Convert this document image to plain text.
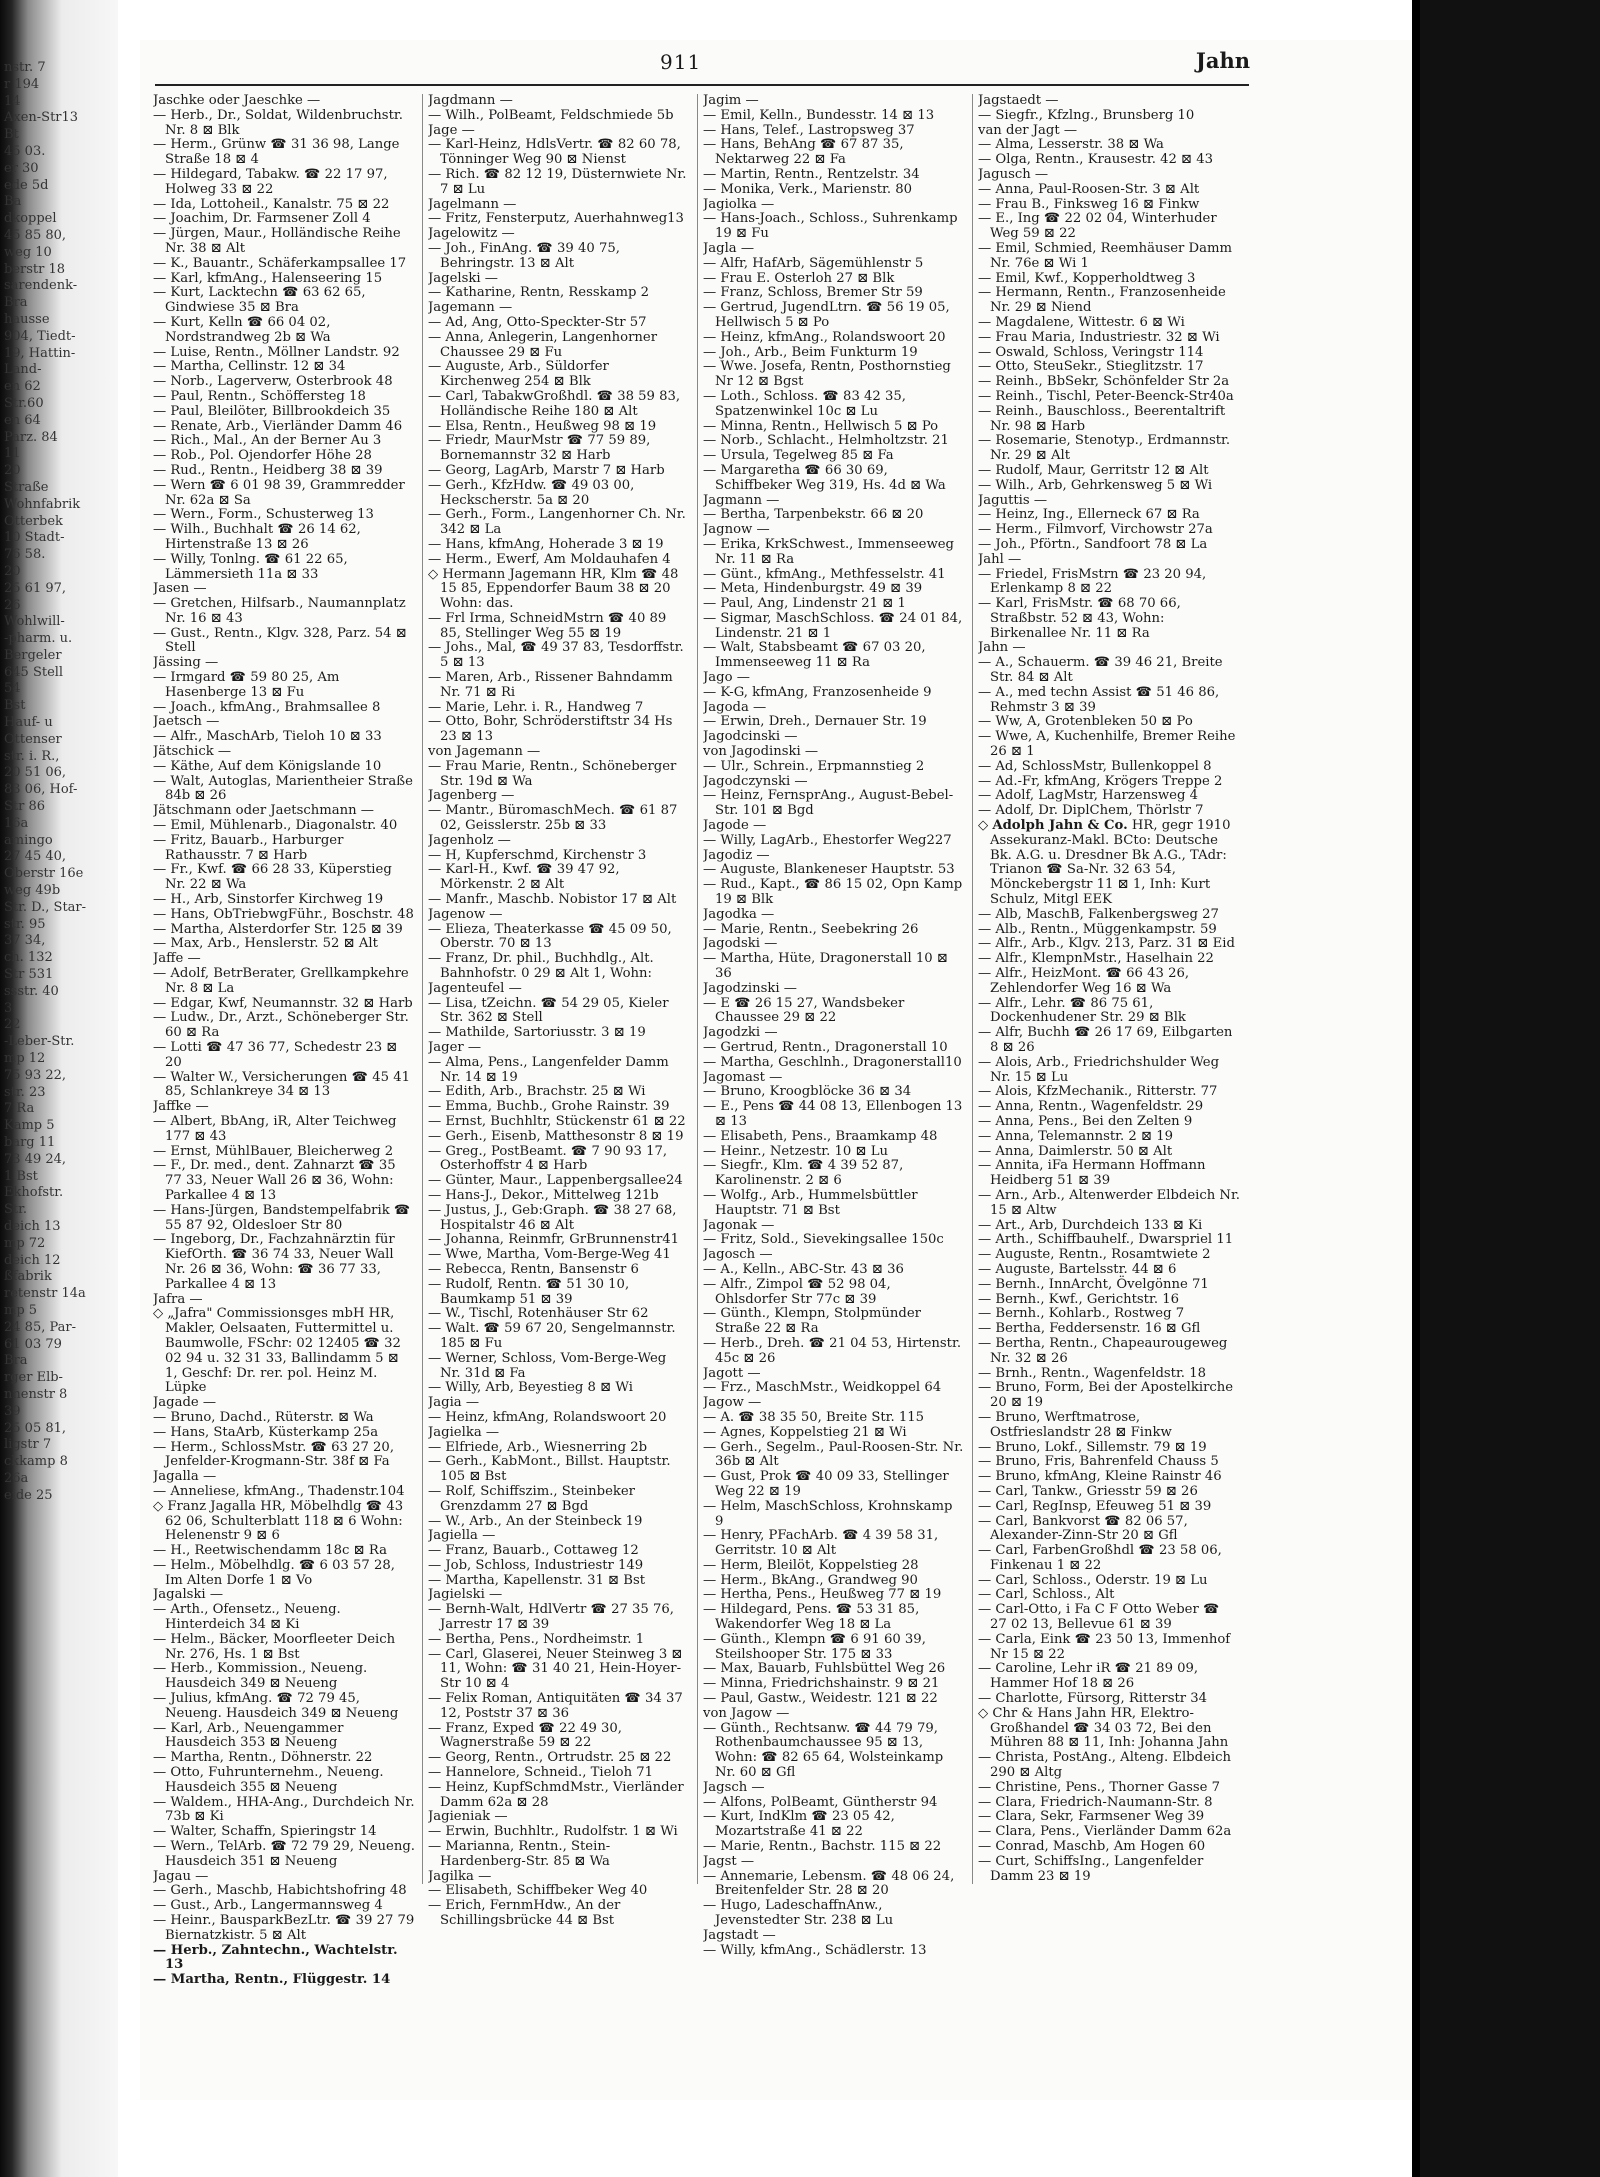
nstr. 7
r 194
14
Axen-Str13
Bt
45 03.
er 30
ede 5d
Ba
dkoppel
45 85 80,
weg 10
berstr 18
sarendenk-
Bra
hausse
904, Tiedt-
19, Hattin-
Land-
en 62
Str.60
en 64
Parz. 84
11
20
Straße
Wohnfabrik
Otterbek
10 Stadt-
76 58.
20
25 61 97,
26
Wohlwill-
-pharm. u.
Bergeler
645 Stell
54
Bst
Hauf- u
Ottenser
str. i. R.,
20 51 06,
83 06, Hof-
Str 86
16a
amingo
27 45 40,
Oberstr 16e
weg 49b
Str. D., Star-
str. 95
37 34,
ch. 132
Str 531
ssstr. 40
3
22
-Leber-Str.
mp 12
75 93 22,
str. 23
7 Ra
Kamp 5
barg 11
73 49 24,
1 Bst
Ekhofstr.
Str.
deich 13
mp 72
deich 12
ßfabrik
retenstr 14a
mp 5
24 85, Par-
61 03 79
Bra
rger Elb-
nnenstr 8
39
25 05 81,
ligstr 7
ckkamp 8
26a
eide 25
911	Jahn
Jaschke oder Jaeschke —
— Herb., Dr., Soldat, Wildenbruchstr. Nr. 8 ⊠ Blk
— Herm., Grünw ☎ 31 36 98, Lange Straße 18 ⊠ 4
— Hildegard, Tabakw. ☎ 22 17 97, Holweg 33 ⊠ 22
— Ida, Lottoheil., Kanalstr. 75 ⊠ 22
— Joachim, Dr. Farmsener Zoll 4
— Jürgen, Maur., Holländische Reihe Nr. 38 ⊠ Alt
— K., Bauantr., Schäferkampsallee 17
— Karl, kfmAng., Halenseering 15
— Kurt, Lacktechn ☎ 63 62 65, Gindwiese 35 ⊠ Bra
— Kurt, Kelln ☎ 66 04 02, Nordstrandweg 2b ⊠ Wa
— Luise, Rentn., Möllner Landstr. 92
— Martha, Cellinstr. 12 ⊠ 34
— Norb., Lagerverw, Osterbrook 48
— Paul, Rentn., Schöffersteg 18
— Paul, Bleilöter, Billbrookdeich 35
— Renate, Arb., Vierländer Damm 46
— Rich., Mal., An der Berner Au 3
— Rob., Pol. Ojendorfer Höhe 28
— Rud., Rentn., Heidberg 38 ⊠ 39
— Wern ☎ 6 01 98 39, Grammredder Nr. 62a ⊠ Sa
— Wern., Form., Schusterweg 13
— Wilh., Buchhalt ☎ 26 14 62, Hirtenstraße 13 ⊠ 26
— Willy, Tonlng. ☎ 61 22 65, Lämmersieth 11a ⊠ 33
Jasen —
— Gretchen, Hilfsarb., Naumannplatz Nr. 16 ⊠ 43
— Gust., Rentn., Klgv. 328, Parz. 54 ⊠ Stell
Jässing —
— Irmgard ☎ 59 80 25, Am Hasenberge 13 ⊠ Fu
— Joach., kfmAng., Brahmsallee 8
Jaetsch —
— Alfr., MaschArb, Tieloh 10 ⊠ 33
Jätschick —
— Käthe, Auf dem Königslande 10
— Walt, Autoglas, Marientheier Straße 84b ⊠ 26
Jätschmann oder Jaetschmann —
— Emil, Mühlenarb., Diagonalstr. 40
— Fritz, Bauarb., Harburger Rathausstr. 7 ⊠ Harb
— Fr., Kwf. ☎ 66 28 33, Küperstieg Nr. 22 ⊠ Wa
— H., Arb, Sinstorfer Kirchweg 19
— Hans, ObTriebwgFühr., Boschstr. 48
— Martha, Alsterdorfer Str. 125 ⊠ 39
— Max, Arb., Henslerstr. 52 ⊠ Alt
Jaffe —
— Adolf, BetrBerater, Grellkampkehre Nr. 8 ⊠ La
— Edgar, Kwf, Neumannstr. 32 ⊠ Harb
— Ludw., Dr., Arzt., Schöneberger Str. 60 ⊠ Ra
— Lotti ☎ 47 36 77, Schedestr 23 ⊠ 20
— Walter W., Versicherungen ☎ 45 41 85, Schlankreye 34 ⊠ 13
Jaffke —
— Albert, BbAng, iR, Alter Teichweg 177 ⊠ 43
— Ernst, MühlBauer, Bleicherweg 2
— F., Dr. med., dent. Zahnarzt ☎ 35 77 33, Neuer Wall 26 ⊠ 36, Wohn: Parkallee 4 ⊠ 13
— Hans-Jürgen, Bandstempelfabrik ☎ 55 87 92, Oldesloer Str 80
— Ingeborg, Dr., Fachzahnärztin für KiefOrth. ☎ 36 74 33, Neuer Wall Nr. 26 ⊠ 36, Wohn: ☎ 36 77 33, Parkallee 4 ⊠ 13
Jafra —
◇ „Jafra" Commissionsges mbH HR, Makler, Oelsaaten, Futtermittel u. Baumwolle, FSchr: 02 12405 ☎ 32 02 94 u. 32 31 33, Ballindamm 5 ⊠ 1, Geschf: Dr. rer. pol. Heinz M. Lüpke
Jagade —
— Bruno, Dachd., Rüterstr. ⊠ Wa
— Hans, StaArb, Küsterkamp 25a
— Herm., SchlossMstr. ☎ 63 27 20, Jenfelder-Krogmann-Str. 38f ⊠ Fa
Jagalla —
— Anneliese, kfmAng., Thadenstr.104
◇ Franz Jagalla HR, Möbelhdlg ☎ 43 62 06, Schulterblatt 118 ⊠ 6 Wohn: Helenenstr 9 ⊠ 6
— H., Reetwischendamm 18c ⊠ Ra
— Helm., Möbelhdlg. ☎ 6 03 57 28, Im Alten Dorfe 1 ⊠ Vo
Jagalski —
— Arth., Ofensetz., Neueng. Hinterdeich 34 ⊠ Ki
— Helm., Bäcker, Moorfleeter Deich Nr. 276, Hs. 1 ⊠ Bst
— Herb., Kommission., Neueng. Hausdeich 349 ⊠ Neueng
— Julius, kfmAng. ☎ 72 79 45, Neueng. Hausdeich 349 ⊠ Neueng
— Karl, Arb., Neuengammer Hausdeich 353 ⊠ Neueng
— Martha, Rentn., Döhnerstr. 22
— Otto, Fuhrunternehm., Neueng. Hausdeich 355 ⊠ Neueng
— Waldem., HHA-Ang., Durchdeich Nr. 73b ⊠ Ki
— Walter, Schaffn, Spieringstr 14
— Wern., TelArb. ☎ 72 79 29, Neueng. Hausdeich 351 ⊠ Neueng
Jagau —
— Gerh., Maschb, Habichtshofring 48
— Gust., Arb., Langermannsweg 4
— Heinr., BausparkBezLtr. ☎ 39 27 79 Biernatzkistr. 5 ⊠ Alt
— Herb., Zahntechn., Wachtelstr. 13
— Martha, Rentn., Flüggestr. 14
Jagdmann —
— Wilh., PolBeamt, Feldschmiede 5b
Jage —
— Karl-Heinz, HdlsVertr. ☎ 82 60 78, Tönninger Weg 90 ⊠ Nienst
— Rich. ☎ 82 12 19, Düsternwiete Nr. 7 ⊠ Lu
Jagelmann —
— Fritz, Fensterputz, Auerhahnweg13
Jagelowitz —
— Joh., FinAng. ☎ 39 40 75, Behringstr. 13 ⊠ Alt
Jagelski —
— Katharine, Rentn, Resskamp 2
Jagemann —
— Ad, Ang, Otto-Speckter-Str 57
— Anna, Anlegerin, Langenhorner Chaussee 29 ⊠ Fu
— Auguste, Arb., Süldorfer Kirchenweg 254 ⊠ Blk
— Carl, TabakwGroßhdl. ☎ 38 59 83, Holländische Reihe 180 ⊠ Alt
— Elsa, Rentn., Heußweg 98 ⊠ 19
— Friedr, MaurMstr ☎ 77 59 89, Bornemannstr 32 ⊠ Harb
— Georg, LagArb, Marstr 7 ⊠ Harb
— Gerh., KfzHdw. ☎ 49 03 00, Heckscherstr. 5a ⊠ 20
— Gerh., Form., Langenhorner Ch. Nr. 342 ⊠ La
— Hans, kfmAng, Hoherade 3 ⊠ 19
— Herm., Ewerf, Am Moldauhafen 4
◇ Hermann Jagemann HR, Klm ☎ 48 15 85, Eppendorfer Baum 38 ⊠ 20 Wohn: das.
— Frl Irma, SchneidMstrn ☎ 40 89 85, Stellinger Weg 55 ⊠ 19
— Johs., Mal, ☎ 49 37 83, Tesdorffstr. 5 ⊠ 13
— Maren, Arb., Rissener Bahndamm Nr. 71 ⊠ Ri
— Marie, Lehr. i. R., Handweg 7
— Otto, Bohr, Schröderstiftstr 34 Hs 23 ⊠ 13
von Jagemann —
— Frau Marie, Rentn., Schöneberger Str. 19d ⊠ Wa
Jagenberg —
— Mantr., BüromaschMech. ☎ 61 87 02, Geisslerstr. 25b ⊠ 33
Jagenholz —
— H, Kupferschmd, Kirchenstr 3
— Karl-H., Kwf. ☎ 39 47 92, Mörkenstr. 2 ⊠ Alt
— Manfr., Maschb. Nobistor 17 ⊠ Alt
Jagenow —
— Elieza, Theaterkasse ☎ 45 09 50, Oberstr. 70 ⊠ 13
— Franz, Dr. phil., Buchhdlg., Alt. Bahnhofstr. 0 29 ⊠ Alt 1, Wohn:
Jagenteufel —
— Lisa, tZeichn. ☎ 54 29 05, Kieler Str. 362 ⊠ Stell
— Mathilde, Sartoriusstr. 3 ⊠ 19
Jager —
— Alma, Pens., Langenfelder Damm Nr. 14 ⊠ 19
— Edith, Arb., Brachstr. 25 ⊠ Wi
— Emma, Buchb., Grohe Rainstr. 39
— Ernst, Buchhltr, Stückenstr 61 ⊠ 22
— Gerh., Eisenb, Matthesonstr 8 ⊠ 19
— Greg., PostBeamt. ☎ 7 90 93 17, Osterhoffstr 4 ⊠ Harb
— Günter, Maur., Lappenbergsallee24
— Hans-J., Dekor., Mittelweg 121b
— Justus, J., Geb:Graph. ☎ 38 27 68, Hospitalstr 46 ⊠ Alt
— Johanna, Reinmfr, GrBrunnenstr41
— Wwe, Martha, Vom-Berge-Weg 41
— Rebecca, Rentn, Bansenstr 6
— Rudolf, Rentn. ☎ 51 30 10, Baumkamp 51 ⊠ 39
— W., Tischl, Rotenhäuser Str 62
— Walt. ☎ 59 67 20, Sengelmannstr. 185 ⊠ Fu
— Werner, Schloss, Vom-Berge-Weg Nr. 31d ⊠ Fa
— Willy, Arb, Beyestieg 8 ⊠ Wi
Jagia —
— Heinz, kfmAng, Rolandswoort 20
Jagielka —
— Elfriede, Arb., Wiesnerring 2b
— Gerh., KabMont., Billst. Hauptstr. 105 ⊠ Bst
— Rolf, Schiffszim., Steinbeker Grenzdamm 27 ⊠ Bgd
— W., Arb., An der Steinbeck 19
Jagiella —
— Franz, Bauarb., Cottaweg 12
— Job, Schloss, Industriestr 149
— Martha, Kapellenstr. 31 ⊠ Bst
Jagielski —
— Bernh-Walt, HdlVertr ☎ 27 35 76, Jarrestr 17 ⊠ 39
— Bertha, Pens., Nordheimstr. 1
— Carl, Glaserei, Neuer Steinweg 3 ⊠ 11, Wohn: ☎ 31 40 21, Hein-Hoyer-Str 10 ⊠ 4
— Felix Roman, Antiquitäten ☎ 34 37 12, Poststr 37 ⊠ 36
— Franz, Exped ☎ 22 49 30, Wagnerstraße 59 ⊠ 22
— Georg, Rentn., Ortrudstr. 25 ⊠ 22
— Hannelore, Schneid., Tieloh 71
— Heinz, KupfSchmdMstr., Vierländer Damm 62a ⊠ 28
Jagieniak —
— Erwin, Buchhltr., Rudolfstr. 1 ⊠ Wi
— Marianna, Rentn., Stein-Hardenberg-Str. 85 ⊠ Wa
Jagilka —
— Elisabeth, Schiffbeker Weg 40
— Erich, FernmHdw., An der Schillingsbrücke 44 ⊠ Bst
Jagim —
— Emil, Kelln., Bundesstr. 14 ⊠ 13
— Hans, Telef., Lastropsweg 37
— Hans, BehAng ☎ 67 87 35, Nektarweg 22 ⊠ Fa
— Martin, Rentn., Rentzelstr. 34
— Monika, Verk., Marienstr. 80
Jagiolka —
— Hans-Joach., Schloss., Suhrenkamp 19 ⊠ Fu
Jagla —
— Alfr, HafArb, Sägemühlenstr 5
— Frau E. Osterloh 27 ⊠ Blk
— Franz, Schloss, Bremer Str 59
— Gertrud, JugendLtrn. ☎ 56 19 05, Hellwisch 5 ⊠ Po
— Heinz, kfmAng., Rolandswoort 20
— Joh., Arb., Beim Funkturm 19
— Wwe. Josefa, Rentn, Posthornstieg Nr 12 ⊠ Bgst
— Loth., Schloss. ☎ 83 42 35, Spatzenwinkel 10c ⊠ Lu
— Minna, Rentn., Hellwisch 5 ⊠ Po
— Norb., Schlacht., Helmholtzstr. 21
— Ursula, Tegelweg 85 ⊠ Fa
— Margaretha ☎ 66 30 69, Schiffbeker Weg 319, Hs. 4d ⊠ Wa
Jagmann —
— Bertha, Tarpenbekstr. 66 ⊠ 20
Jagnow —
— Erika, KrkSchwest., Immenseeweg Nr. 11 ⊠ Ra
— Günt., kfmAng., Methfesselstr. 41
— Meta, Hindenburgstr. 49 ⊠ 39
— Paul, Ang, Lindenstr 21 ⊠ 1
— Sigmar, MaschSchloss. ☎ 24 01 84, Lindenstr. 21 ⊠ 1
— Walt, Stabsbeamt ☎ 67 03 20, Immenseeweg 11 ⊠ Ra
Jago —
— K-G, kfmAng, Franzosenheide 9
Jagoda —
— Erwin, Dreh., Dernauer Str. 19
Jagodcinski —
von Jagodinski —
— Ulr., Schrein., Erpmannstieg 2
Jagodczynski —
— Heinz, FernsprAng., August-Bebel-Str. 101 ⊠ Bgd
Jagode —
— Willy, LagArb., Ehestorfer Weg227
Jagodiz —
— Auguste, Blankeneser Hauptstr. 53
— Rud., Kapt., ☎ 86 15 02, Opn Kamp 19 ⊠ Blk
Jagodka —
— Marie, Rentn., Seebekring 26
Jagodski —
— Martha, Hüte, Dragonerstall 10 ⊠ 36
Jagodzinski —
— E ☎ 26 15 27, Wandsbeker Chaussee 29 ⊠ 22
Jagodzki —
— Gertrud, Rentn., Dragonerstall 10
— Martha, Geschlnh., Dragonerstall10
Jagomast —
— Bruno, Kroogblöcke 36 ⊠ 34
— E., Pens ☎ 44 08 13, Ellenbogen 13 ⊠ 13
— Elisabeth, Pens., Braamkamp 48
— Heinr., Netzestr. 10 ⊠ Lu
— Siegfr., Klm. ☎ 4 39 52 87, Karolinenstr. 2 ⊠ 6
— Wolfg., Arb., Hummelsbüttler Hauptstr. 71 ⊠ Bst
Jagonak —
— Fritz, Sold., Sievekingsallee 150c
Jagosch —
— A., Kelln., ABC-Str. 43 ⊠ 36
— Alfr., Zimpol ☎ 52 98 04, Ohlsdorfer Str 77c ⊠ 39
— Günth., Klempn, Stolpmünder Straße 22 ⊠ Ra
— Herb., Dreh. ☎ 21 04 53, Hirtenstr. 45c ⊠ 26
Jagott —
— Frz., MaschMstr., Weidkoppel 64
Jagow —
— A. ☎ 38 35 50, Breite Str. 115
— Agnes, Koppelstieg 21 ⊠ Wi
— Gerh., Segelm., Paul-Roosen-Str. Nr. 36b ⊠ Alt
— Gust, Prok ☎ 40 09 33, Stellinger Weg 22 ⊠ 19
— Helm, MaschSchloss, Krohnskamp 9
— Henry, PFachArb. ☎ 4 39 58 31, Gerritstr. 10 ⊠ Alt
— Herm, Bleilöt, Koppelstieg 28
— Herm., BkAng., Grandweg 90
— Hertha, Pens., Heußweg 77 ⊠ 19
— Hildegard, Pens. ☎ 53 31 85, Wakendorfer Weg 18 ⊠ La
— Günth., Klempn ☎ 6 91 60 39, Steilshooper Str. 175 ⊠ 33
— Max, Bauarb, Fuhlsbüttel Weg 26
— Minna, Friedrichshainstr. 9 ⊠ 21
— Paul, Gastw., Weidestr. 121 ⊠ 22
von Jagow —
— Günth., Rechtsanw. ☎ 44 79 79, Rothenbaumchaussee 95 ⊠ 13, Wohn: ☎ 82 65 64, Wolsteinkamp Nr. 60 ⊠ Gfl
Jagsch —
— Alfons, PolBeamt, Güntherstr 94
— Kurt, IndKlm ☎ 23 05 42, Mozartstraße 41 ⊠ 22
— Marie, Rentn., Bachstr. 115 ⊠ 22
Jagst —
— Annemarie, Lebensm. ☎ 48 06 24, Breitenfelder Str. 28 ⊠ 20
— Hugo, LadeschaffnAnw., Jevenstedter Str. 238 ⊠ Lu
Jagstadt —
— Willy, kfmAng., Schädlerstr. 13
Jagstaedt —
— Siegfr., Kfzlng., Brunsberg 10
van der Jagt —
— Alma, Lesserstr. 38 ⊠ Wa
— Olga, Rentn., Krausestr. 42 ⊠ 43
Jagusch —
— Anna, Paul-Roosen-Str. 3 ⊠ Alt
— Frau B., Finksweg 16 ⊠ Finkw
— E., Ing ☎ 22 02 04, Winterhuder Weg 59 ⊠ 22
— Emil, Schmied, Reemhäuser Damm Nr. 76e ⊠ Wi 1
— Emil, Kwf., Kopperholdtweg 3
— Hermann, Rentn., Franzosenheide Nr. 29 ⊠ Niend
— Magdalene, Wittestr. 6 ⊠ Wi
— Frau Maria, Industriestr. 32 ⊠ Wi
— Oswald, Schloss, Veringstr 114
— Otto, SteuSekr., Stieglitzstr. 17
— Reinh., BbSekr, Schönfelder Str 2a
— Reinh., Tischl, Peter-Beenck-Str40a
— Reinh., Bauschloss., Beerentaltrift Nr. 98 ⊠ Harb
— Rosemarie, Stenotyp., Erdmannstr. Nr. 29 ⊠ Alt
— Rudolf, Maur, Gerritstr 12 ⊠ Alt
— Wilh., Arb, Gehrkensweg 5 ⊠ Wi
Jaguttis —
— Heinz, Ing., Ellerneck 67 ⊠ Ra
— Herm., Filmvorf, Virchowstr 27a
— Joh., Pförtn., Sandfoort 78 ⊠ La
Jahl —
— Friedel, FrisMstrn ☎ 23 20 94, Erlenkamp 8 ⊠ 22
— Karl, FrisMstr. ☎ 68 70 66, Straßbstr. 52 ⊠ 43, Wohn: Birkenallee Nr. 11 ⊠ Ra
Jahn —
— A., Schauerm. ☎ 39 46 21, Breite Str. 84 ⊠ Alt
— A., med techn Assist ☎ 51 46 86, Rehmstr 3 ⊠ 39
— Ww, A, Grotenbleken 50 ⊠ Po
— Wwe, A, Kuchenhilfe, Bremer Reihe 26 ⊠ 1
— Ad, SchlossMstr, Bullenkoppel 8
— Ad.-Fr, kfmAng, Krögers Treppe 2
— Adolf, LagMstr, Harzensweg 4
— Adolf, Dr. DiplChem, Thörlstr 7
◇ Adolph Jahn & Co. HR, gegr 1910 Assekuranz-Makl. BCto: Deutsche Bk. A.G. u. Dresdner Bk A.G., TAdr: Trianon ☎ Sa-Nr. 32 63 54, Mönckebergstr 11 ⊠ 1, Inh: Kurt Schulz, Mitgl EEK
— Alb, MaschB, Falkenbergsweg 27
— Alb., Rentn., Müggenkampstr. 59
— Alfr., Arb., Klgv. 213, Parz. 31 ⊠ Eid
— Alfr., KlempnMstr., Haselhain 22
— Alfr., HeizMont. ☎ 66 43 26, Zehlendorfer Weg 16 ⊠ Wa
— Alfr., Lehr. ☎ 86 75 61, Dockenhudener Str. 29 ⊠ Blk
— Alfr, Buchh ☎ 26 17 69, Eilbgarten 8 ⊠ 26
— Alois, Arb., Friedrichshulder Weg Nr. 15 ⊠ Lu
— Alois, KfzMechanik., Ritterstr. 77
— Anna, Rentn., Wagenfeldstr. 29
— Anna, Pens., Bei den Zelten 9
— Anna, Telemannstr. 2 ⊠ 19
— Anna, Daimlerstr. 50 ⊠ Alt
— Annita, iFa Hermann Hoffmann Heidberg 51 ⊠ 39
— Arn., Arb., Altenwerder Elbdeich Nr. 15 ⊠ Altw
— Art., Arb, Durchdeich 133 ⊠ Ki
— Arth., Schiffbauhelf., Dwarspriel 11
— Auguste, Rentn., Rosamtwiete 2
— Auguste, Bartelsstr. 44 ⊠ 6
— Bernh., InnArcht, Övelgönne 71
— Bernh., Kwf., Gerichtstr. 16
— Bernh., Kohlarb., Rostweg 7
— Bertha, Feddersenstr. 16 ⊠ Gfl
— Bertha, Rentn., Chapeaurougeweg Nr. 32 ⊠ 26
— Brnh., Rentn., Wagenfeldstr. 18
— Bruno, Form, Bei der Apostelkirche 20 ⊠ 19
— Bruno, Werftmatrose, Ostfrieslandstr 28 ⊠ Finkw
— Bruno, Lokf., Sillemstr. 79 ⊠ 19
— Bruno, Fris, Bahrenfeld Chauss 5
— Bruno, kfmAng, Kleine Rainstr 46
— Carl, Tankw., Griesstr 59 ⊠ 26
— Carl, RegInsp, Efeuweg 51 ⊠ 39
— Carl, Bankvorst ☎ 82 06 57, Alexander-Zinn-Str 20 ⊠ Gfl
— Carl, FarbenGroßhdl ☎ 23 58 06, Finkenau 1 ⊠ 22
— Carl, Schloss., Oderstr. 19 ⊠ Lu
— Carl, Schloss., Alt
— Carl-Otto, i Fa C F Otto Weber ☎ 27 02 13, Bellevue 61 ⊠ 39
— Carla, Eink ☎ 23 50 13, Immenhof Nr 15 ⊠ 22
— Caroline, Lehr iR ☎ 21 89 09, Hammer Hof 18 ⊠ 26
— Charlotte, Fürsorg, Ritterstr 34
◇ Chr & Hans Jahn HR, Elektro-Großhandel ☎ 34 03 72, Bei den Mühren 88 ⊠ 11, Inh: Johanna Jahn
— Christa, PostAng., Alteng. Elbdeich 290 ⊠ Altg
— Christine, Pens., Thorner Gasse 7
— Clara, Friedrich-Naumann-Str. 8
— Clara, Sekr, Farmsener Weg 39
— Clara, Pens., Vierländer Damm 62a
— Conrad, Maschb, Am Hogen 60
— Curt, SchiffsIng., Langenfelder Damm 23 ⊠ 19
